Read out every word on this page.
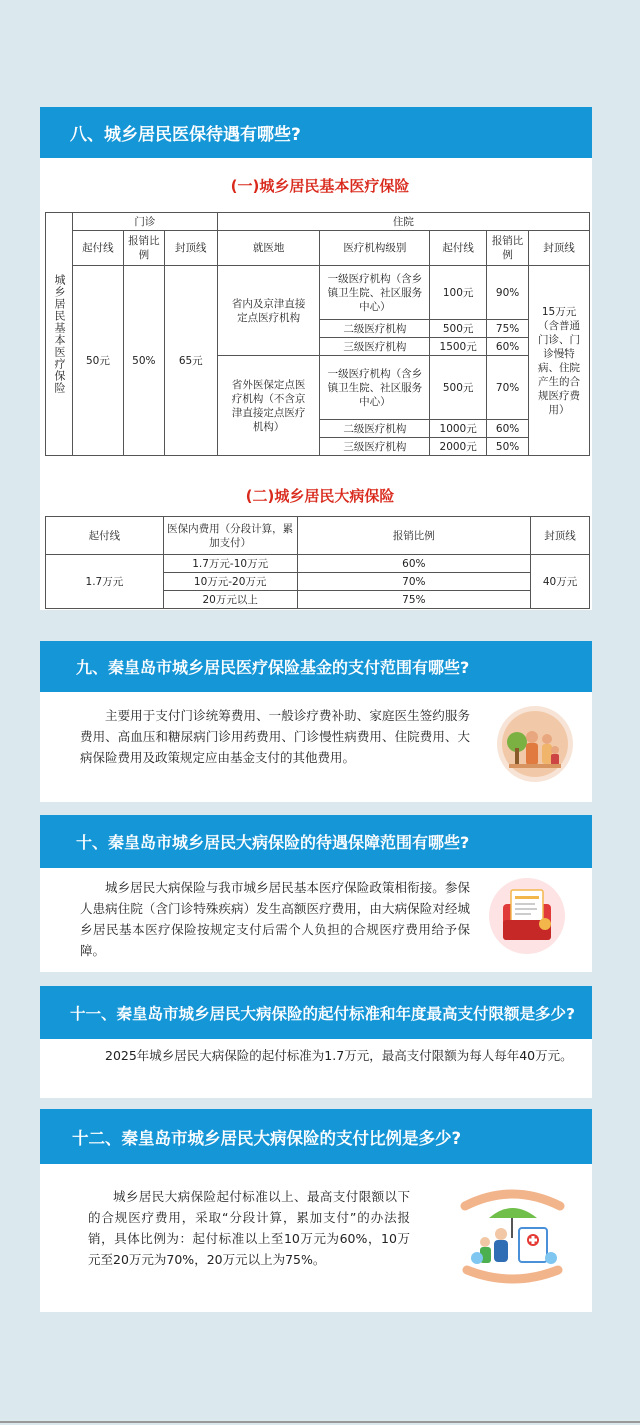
八、城乡居民医保待遇有哪些?
(一)城乡居民基本医疗保险
城乡居民基本医疗保险	门诊			住院				
	起付线	报销比例	封顶线	就医地	医疗机构级别	起付线	报销比例	封顶线
	50元	50%	65元	省内及京津直接定点医疗机构	一级医疗机构（含乡镇卫生院、社区服务中心）	100元	90%	15万元（含普通门诊、门诊慢特病、住院产生的合规医疗费用）
					二级医疗机构	500元	75%	
					三级医疗机构	1500元	60%	
				省外医保定点医疗机构（不含京津直接定点医疗机构）	一级医疗机构（含乡镇卫生院、社区服务中心）	500元	70%	
					二级医疗机构	1000元	60%	
					三级医疗机构	2000元	50%	
(二)城乡居民大病保险
起付线	医保内费用（分段计算，累加支付）	报销比例	封顶线
1.7万元	1.7万元-10万元	60%	40万元
	10万元-20万元	70%	
	20万元以上	75%	
九、秦皇岛市城乡居民医疗保险基金的支付范围有哪些?
主要用于支付门诊统筹费用、一般诊疗费补助、家庭医生签约服务费用、高血压和糖尿病门诊用药费用、门诊慢性病费用、住院费用、大病保险费用及政策规定应由基金支付的其他费用。
十、秦皇岛市城乡居民大病保险的待遇保障范围有哪些?
城乡居民大病保险与我市城乡居民基本医疗保险政策相衔接。参保人患病住院（含门诊特殊疾病）发生高额医疗费用，由大病保险对经城乡居民基本医疗保险按规定支付后需个人负担的合规医疗费用给予保障。
十一、秦皇岛市城乡居民大病保险的起付标准和年度最高支付限额是多少?
2025年城乡居民大病保险的起付标准为1.7万元，最高支付限额为每人每年40万元。
十二、秦皇岛市城乡居民大病保险的支付比例是多少?
城乡居民大病保险起付标准以上、最高支付限额以下的合规医疗费用，采取“分段计算，累加支付”的办法报销，具体比例为：起付标准以上至10万元为60%，10万元至20万元为70%，20万元以上为75%。
